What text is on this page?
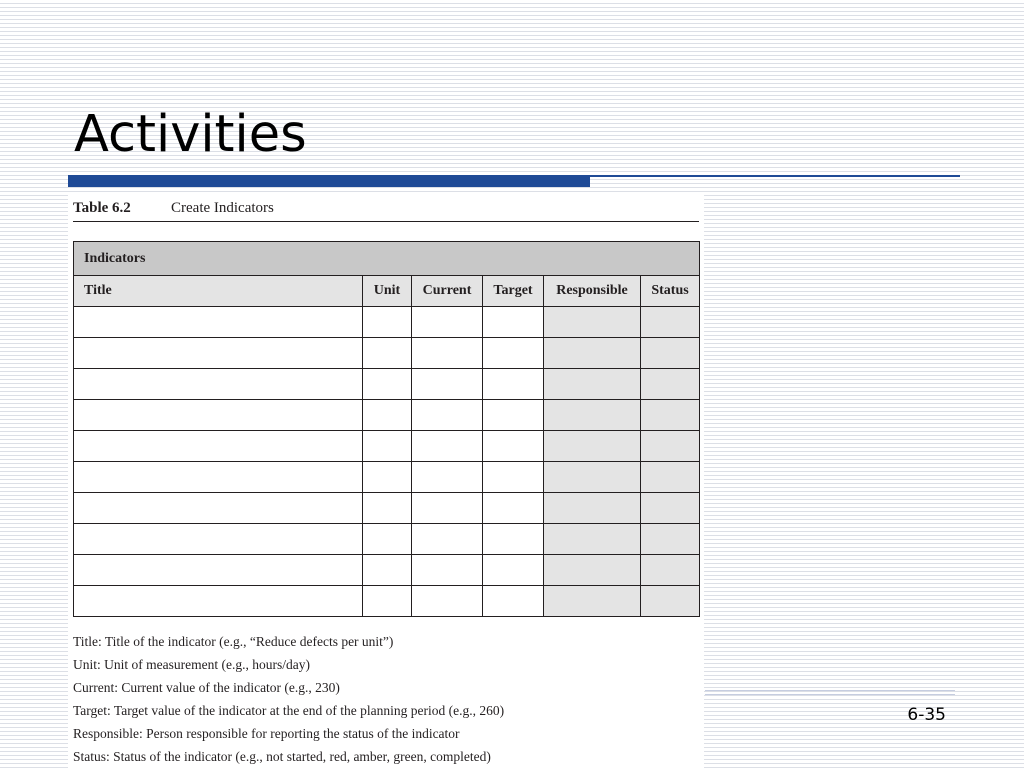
Activities
Table 6.2	Create Indicators
Indicators					
Title	Unit	Current	Target	Responsible	Status

Title: Title of the indicator (e.g., “Reduce defects per unit”)
Unit: Unit of measurement (e.g., hours/day)
Current: Current value of the indicator (e.g., 230)
Target: Target value of the indicator at the end of the planning period (e.g., 260)
Responsible: Person responsible for reporting the status of the indicator
Status: Status of the indicator (e.g., not started, red, amber, green, completed)
6-35
